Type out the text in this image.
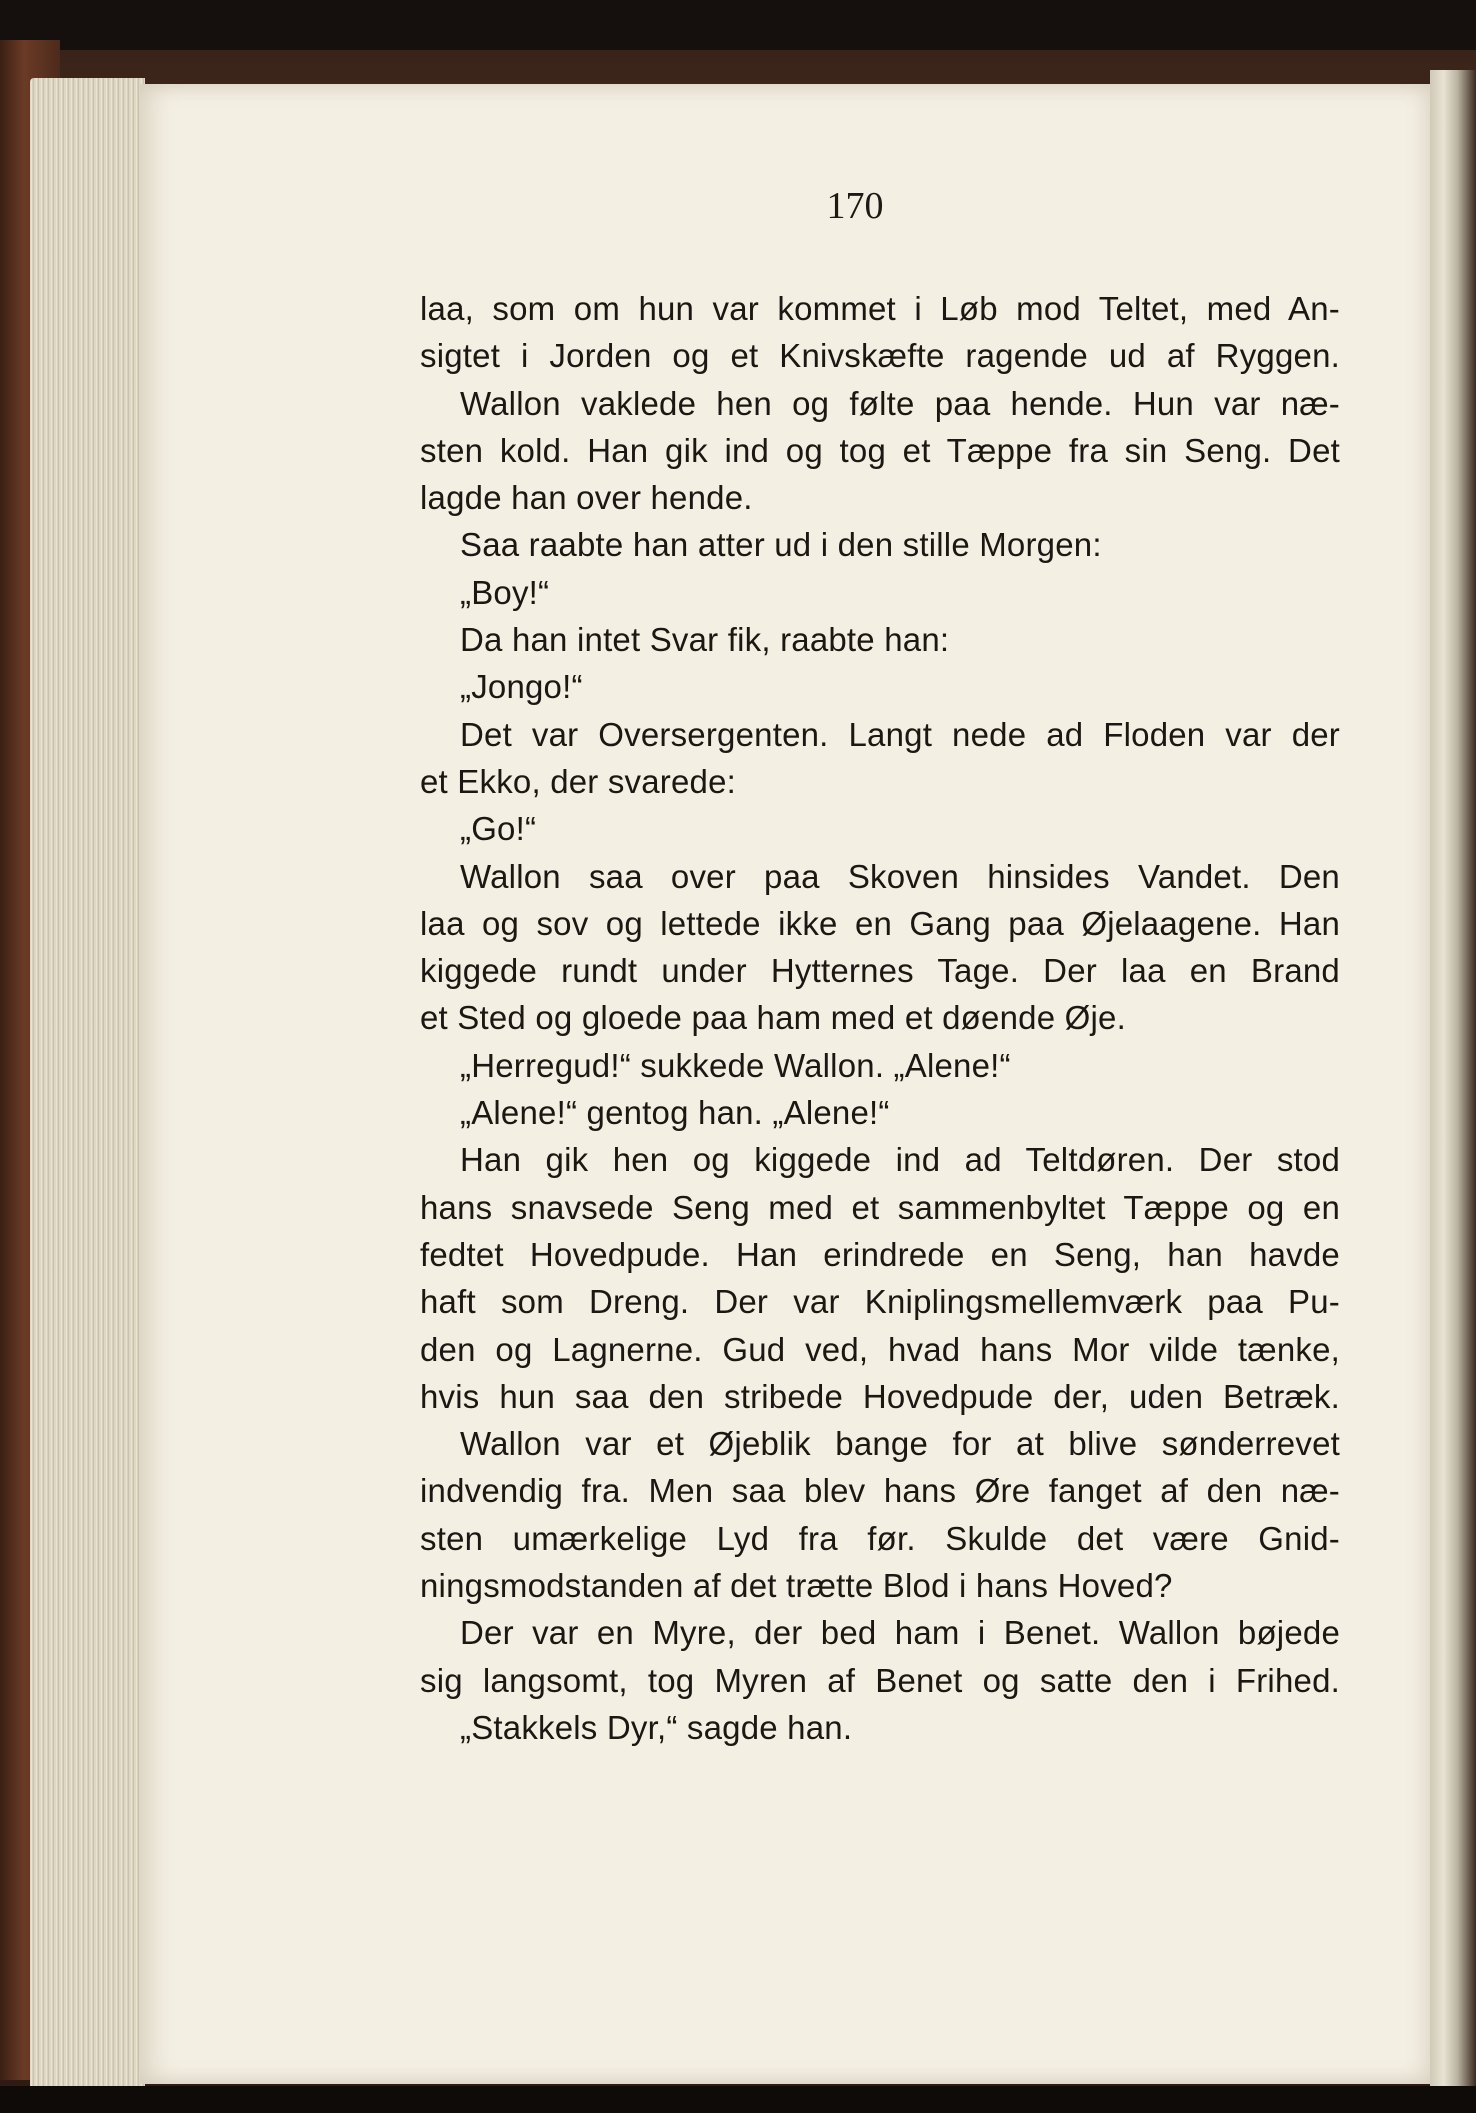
170
laa, som om hun var kommet i Løb mod Teltet, med An-
sigtet i Jorden og et Knivskæfte ragende ud af Ryggen.
Wallon vaklede hen og følte paa hende. Hun var næ-
sten kold. Han gik ind og tog et Tæppe fra sin Seng. Det
lagde han over hende.
Saa raabte han atter ud i den stille Morgen:
„Boy!“
Da han intet Svar fik, raabte han:
„Jongo!“
Det var Oversergenten. Langt nede ad Floden var der
et Ekko, der svarede:
„Go!“
Wallon saa over paa Skoven hinsides Vandet. Den
laa og sov og lettede ikke en Gang paa Øjelaagene. Han
kiggede rundt under Hytternes Tage. Der laa en Brand
et Sted og gloede paa ham med et døende Øje.
„Herregud!“ sukkede Wallon. „Alene!“
„Alene!“ gentog han. „Alene!“
Han gik hen og kiggede ind ad Teltdøren. Der stod
hans snavsede Seng med et sammenbyltet Tæppe og en
fedtet Hovedpude. Han erindrede en Seng, han havde
haft som Dreng. Der var Kniplingsmellemværk paa Pu-
den og Lagnerne. Gud ved, hvad hans Mor vilde tænke,
hvis hun saa den stribede Hovedpude der, uden Betræk.
Wallon var et Øjeblik bange for at blive sønderrevet
indvendig fra. Men saa blev hans Øre fanget af den næ-
sten umærkelige Lyd fra før. Skulde det være Gnid-
ningsmodstanden af det trætte Blod i hans Hoved?
Der var en Myre, der bed ham i Benet. Wallon bøjede
sig langsomt, tog Myren af Benet og satte den i Frihed.
„Stakkels Dyr,“ sagde han.
